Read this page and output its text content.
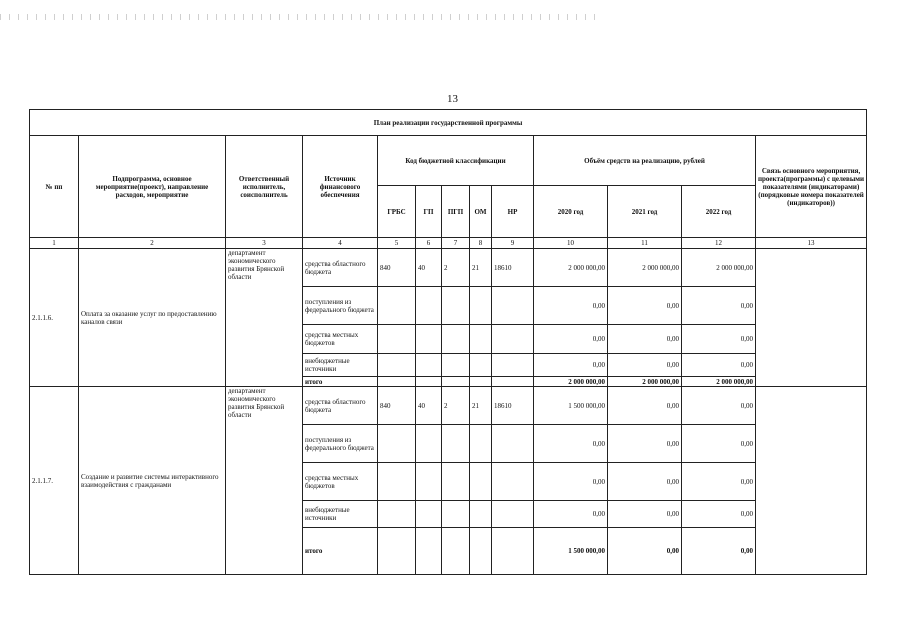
13
План реализации государственной программы												
№ пп	Подпрограмма, основное мероприятие(проект), направление расходов, мероприятие	Ответственный исполнитель, соисполнитель	Источник финансового обеспечения	Код бюджетной классификации					Объём средств на реализацию, рублей			Связь основного мероприятия, проекта(программы) с целевыми показателями (индикаторами) (порядковые номера показателей (индикаторов))
				ГРБС	ГП	ПГП	ОМ	НР	2020 год	2021 год	2022 год	
1	2	3	4	5	6	7	8	9	10	11	12	13
2.1.1.6.	Оплата за оказание услуг по предоставлению каналов связи	департамент экономического развития Брянской области	средства областного бюджета	840	40	2	21	18610	2 000 000,00	2 000 000,00	2 000 000,00	
			поступления из федерального бюджета						0,00	0,00	0,00	
			средства местных бюджетов						0,00	0,00	0,00	
			внебюджетные источники						0,00	0,00	0,00	
			итого						2 000 000,00	2 000 000,00	2 000 000,00	
2.1.1.7.	Создание и развитие системы интерактивного взаимодействия с гражданами	департамент экономического развития Брянской области	средства областного бюджета	840	40	2	21	18610	1 500 000,00	0,00	0,00	
			поступления из федерального бюджета						0,00	0,00	0,00	
			средства местных бюджетов						0,00	0,00	0,00	
			внебюджетные источники						0,00	0,00	0,00	
			итого						1 500 000,00	0,00	0,00	
